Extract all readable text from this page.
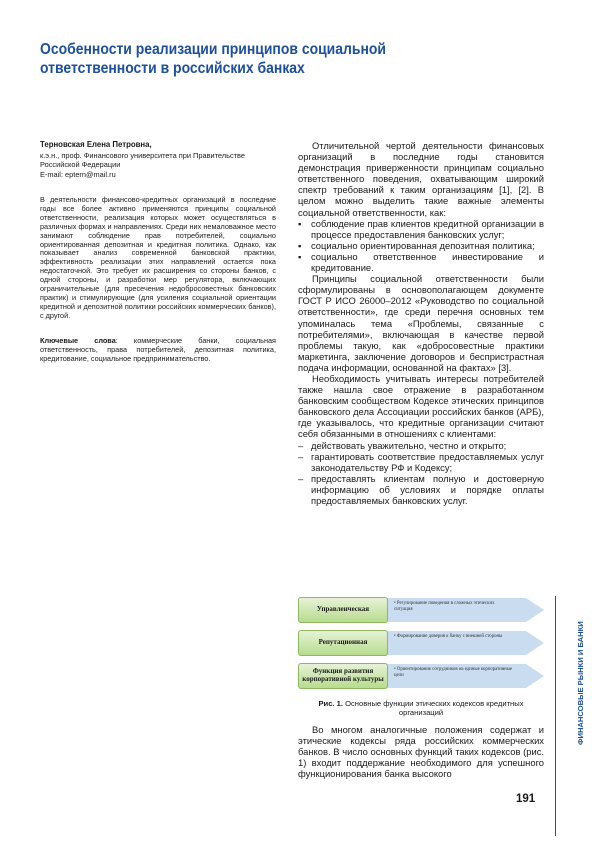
Особенности реализации принципов социальной ответственности в российских банках
Терновская Елена Петровна,
к.э.н., проф. Финансового университета при Правительстве Российской Федерации
E-mail: eptern@mail.ru
В деятельности финансово-кредитных организаций в последние годы все более активно применяются принципы социальной ответственности, реализация которых может осуществляться в различных формах и направлениях. Среди них немаловажное место занимают соблюдение прав потребителей, социально ориентированная депозитная и кредитная политика. Однако, как показывает анализ современной банковской практики, эффективность реализации этих направлений остается пока недостаточной. Это требует их расширения со стороны банков, с одной стороны, и разработки мер регулятора, включающих ограничительные (для пресечения недобросовестных банковских практик) и стимулирующие (для усиления социальной ориентации кредитной и депозитной политики российских коммерческих банков), с другой.
Ключевые слова: коммерческие банки, социальная ответственность, права потребителей, депозитная политика, кредитование, социальное предпринимательство.

Отличительной чертой деятельности финансовых организаций в последние годы становится демонстрация приверженности принципам социально ответственного поведения, охватывающим широкий спектр требований к таким организациям [1], [2]. В целом можно выделить такие важные элементы социальной ответственности, как:

▪ соблюдение прав клиентов кредитной организации в процессе предоставления банковских услуг;
▪ социально ориентированная депозитная политика;
▪ социально ответственное инвестирование и кредитование.

Принципы социальной ответственности были сформулированы в основополагающем документе ГОСТ Р ИСО 26000–2012 «Руководство по социальной ответственности», где среди перечня основных тем упоминалась тема «Проблемы, связанные с потребителями», включающая в качестве первой проблемы такую, как «добросовестные практики маркетинга, заключение договоров и беспристрастная подача информации, основанной на фактах» [3].

Необходимость учитывать интересы потребителей также нашла свое отражение в разработанном банковским сообществом Кодексе этических принципов банковского дела Ассоциации российских банков (АРБ), где указывалось, что кредитные организации считают себя обязанными в отношениях с клиентами:

– действовать уважительно, честно и открыто;
– гарантировать соответствие предоставляемых услуг законодательству РФ и Кодексу;
– предоставлять клиентам полную и достоверную информацию об условиях и порядке оплаты предоставляемых банковских услуг.
Управленческая
• Регулирование поведения в сложных этических ситуация
Репутационная
• Формирование доверия к банку с внешней стороны
Функция развития корпоративной культуры
• Ориентирование сотрудников на единые корпоративные цели
Рис. 1. Основные функции этических кодексов кредитных организаций

Во многом аналогичные положения содержат и этические кодексы ряда российских коммерческих банков. В число основных функций таких кодексов (рис. 1) входит поддержание необходимого для успешного функционирования банка высокого

ФИНАНСОВЫЕ РЫНКИ И БАНКИ
191
